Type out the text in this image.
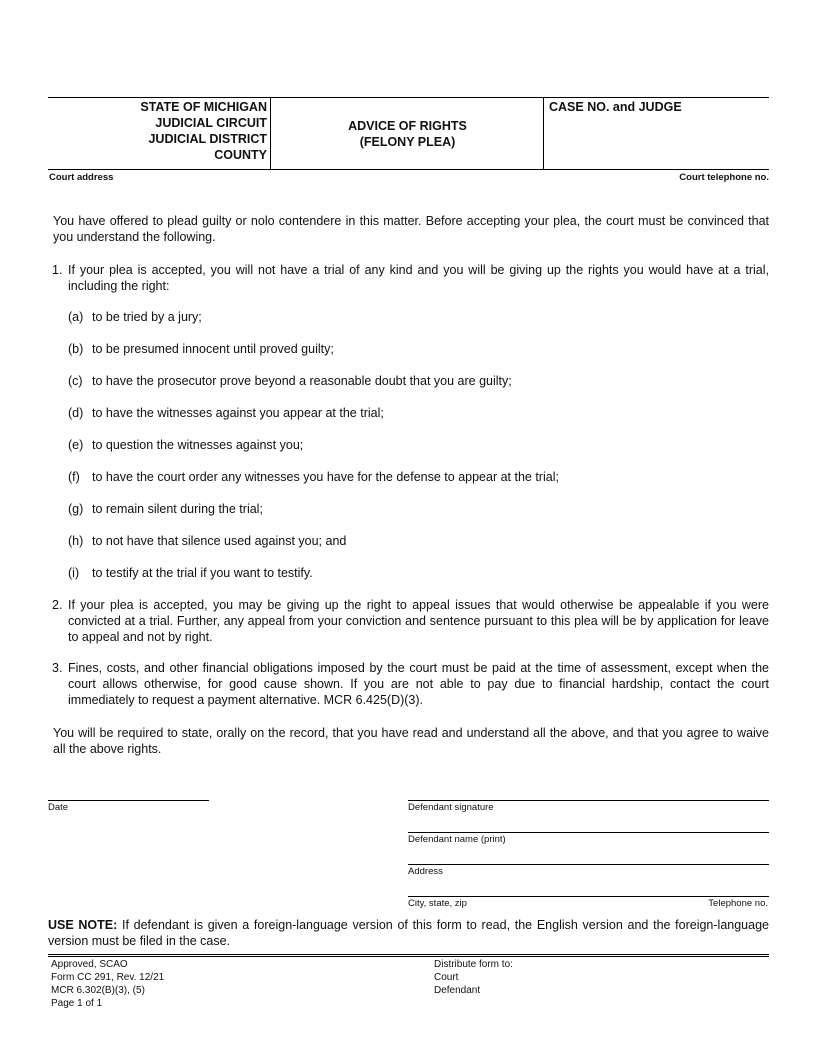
STATE OF MICHIGAN
JUDICIAL CIRCUIT
JUDICIAL DISTRICT
COUNTY
ADVICE OF RIGHTS
(FELONY PLEA)
CASE NO. and JUDGE
Court address	Court telephone no.
You have offered to plead guilty or nolo contendere in this matter. Before accepting your plea, the court must be convinced that you understand the following.
1. If your plea is accepted, you will not have a trial of any kind and you will be giving up the rights you would have at a trial, including the right:
(a) to be tried by a jury;
(b) to be presumed innocent until proved guilty;
(c) to have the prosecutor prove beyond a reasonable doubt that you are guilty;
(d) to have the witnesses against you appear at the trial;
(e) to question the witnesses against you;
(f) to have the court order any witnesses you have for the defense to appear at the trial;
(g) to remain silent during the trial;
(h) to not have that silence used against you; and
(i) to testify at the trial if you want to testify.
2. If your plea is accepted, you may be giving up the right to appeal issues that would otherwise be appealable if you were convicted at a trial. Further, any appeal from your conviction and sentence pursuant to this plea will be by application for leave to appeal and not by right.
3. Fines, costs, and other financial obligations imposed by the court must be paid at the time of assessment, except when the court allows otherwise, for good cause shown. If you are not able to pay due to financial hardship, contact the court immediately to request a payment alternative. MCR 6.425(D)(3).
You will be required to state, orally on the record, that you have read and understand all the above, and that you agree to waive all the above rights.
Date	Defendant signature
Defendant name (print)
Address
City, state, zip	Telephone no.
USE NOTE: If defendant is given a foreign-language version of this form to read, the English version and the foreign-language version must be filed in the case.
Approved, SCAO
Form CC 291, Rev. 12/21
MCR 6.302(B)(3), (5)
Page 1 of 1
Distribute form to:
Court
Defendant
